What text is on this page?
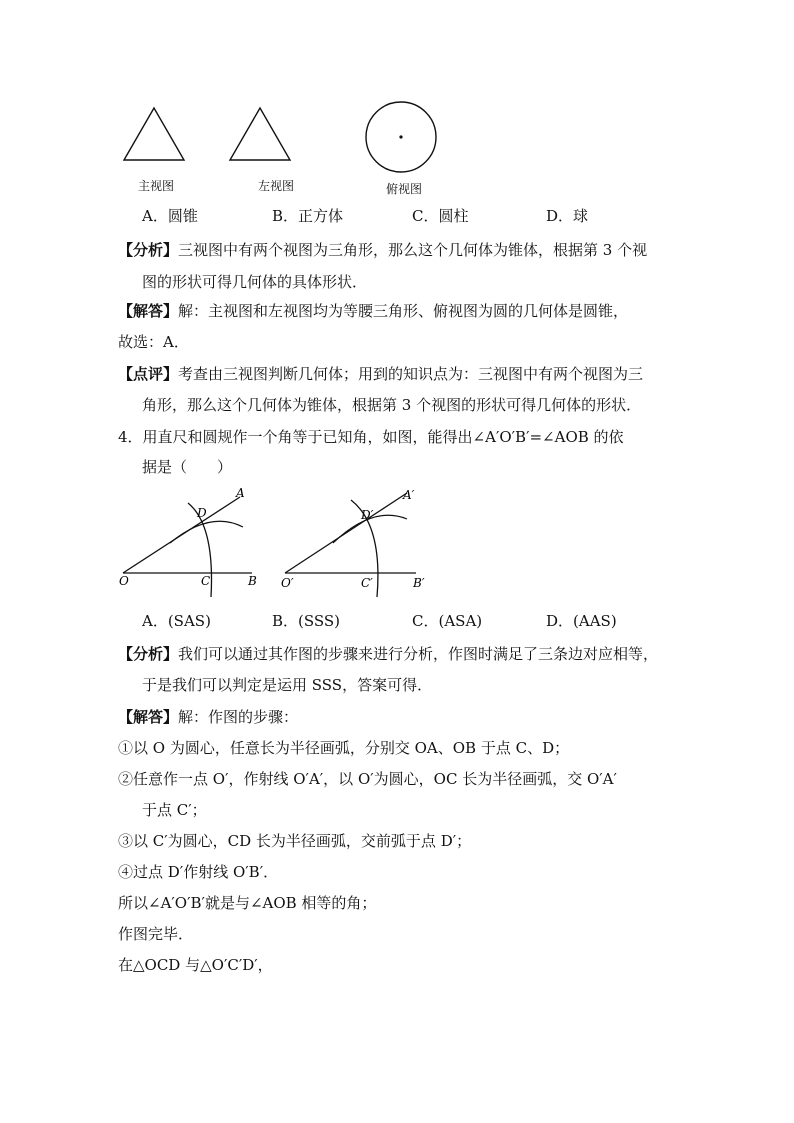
主视图	左视图	俯视图
A．圆锥	B．正方体	C．圆柱	D．球
【分析】三视图中有两个视图为三角形，那么这个几何体为锥体，根据第 3 个视
图的形状可得几何体的具体形状．
【解答】解：主视图和左视图均为等腰三角形、俯视图为圆的几何体是圆锥，
故选：A．
【点评】考查由三视图判断几何体；用到的知识点为：三视图中有两个视图为三
角形，那么这个几何体为锥体，根据第 3 个视图的形状可得几何体的形状．
4．用直尺和圆规作一个角等于已知角，如图，能得出∠A′O′B′=∠AOB 的依
据是（　　）
O	C	B
D
A
O′	C′	B′
D′
A′
A．(SAS)	B．(SSS)	C．(ASA)	D．(AAS)
【分析】我们可以通过其作图的步骤来进行分析，作图时满足了三条边对应相等，
于是我们可以判定是运用 SSS，答案可得．
【解答】解：作图的步骤：
①以 O 为圆心，任意长为半径画弧，分别交 OA、OB 于点 C、D；
②任意作一点 O′，作射线 O′A′，以 O′为圆心，OC 长为半径画弧，交 O′A′
于点 C′；
③以 C′为圆心，CD 长为半径画弧，交前弧于点 D′；
④过点 D′作射线 O′B′．
所以∠A′O′B′就是与∠AOB 相等的角；
作图完毕．
在△OCD 与△O′C′D′，
